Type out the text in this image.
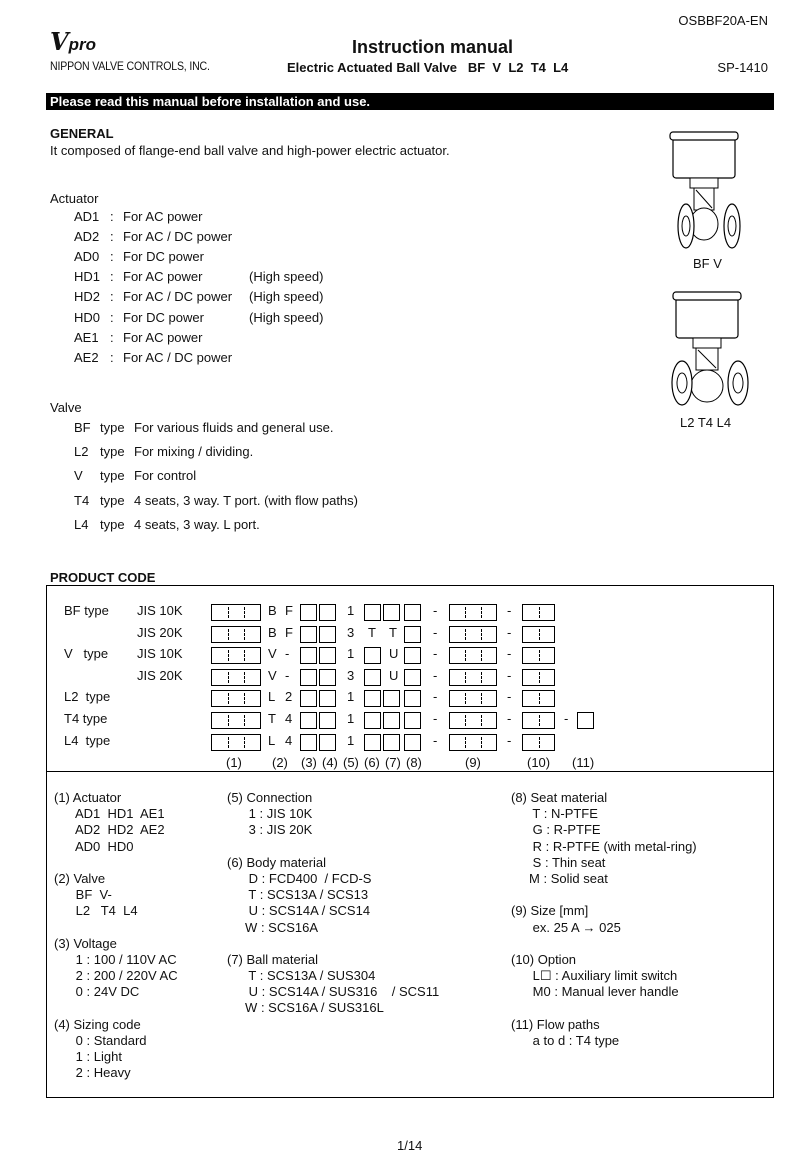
OSBBF20A-EN
Vpro
NIPPON VALVE CONTROLS, INC.
Instruction manual
Electric Actuated Ball Valve   BF  V  L2  T4  L4	SP-1410
Please read this manual before installation and use.
GENERAL
It composed of flange-end ball valve and high-power electric actuator.
Actuator
AD1 : For AC power
AD2 : For AC / DC power
AD0 : For DC power
HD1 : For AC power	(High speed)
HD2 : For AC / DC power (High speed)
HD0 : For DC power	(High speed)
AE1 : For AC power
AE2 : For AC / DC power
Valve
BF type For various fluids and general use.
L2 type For mixing / dividing.
V type For control
T4 type 4 seats, 3 way. T port. (with flow paths)
L4 type 4 seats, 3 way. L port.
BF V
L2 T4 L4
PRODUCT CODE
BF type JIS 10K	B F	1	-	-
JIS 20K	B F	3 T T	-	-
V   type JIS 10K	V -	1	U	-	-
JIS 20K	V -	3	U	-	-
L2  type	L 2	1	-	-
T4 type	T 4	1	-	-	-
L4  type	L 4	1	-	-
(1) (2) (3) (4) (5) (6) (7) (8)	(9)	(10) (11)
(1) Actuator
AD1  HD1  AE1
AD2  HD2  AE2
AD0  HD0
(2) Valve
BF  V-
L2   T4  L4
(3) Voltage
1 : 100 / 110V AC
2 : 200 / 220V AC
0 : 24V DC
(4) Sizing code
0 : Standard
1 : Light
2 : Heavy
(5) Connection
1 : JIS 10K
3 : JIS 20K
(6) Body material
D : FCD400  / FCD-S
T : SCS13A / SCS13
U : SCS14A / SCS14
W : SCS16A
(7) Ball material
T : SCS13A / SUS304
U : SCS14A / SUS316    / SCS11
W : SCS16A / SUS316L
(8) Seat material
T : N-PTFE
G : R-PTFE
R : R-PTFE (with metal-ring)
S : Thin seat
M : Solid seat
(9) Size [mm]
ex. 25 A → 025
(10) Option
L☐ : Auxiliary limit switch
M0 : Manual lever handle
(11) Flow paths
a to d : T4 type
1/14
